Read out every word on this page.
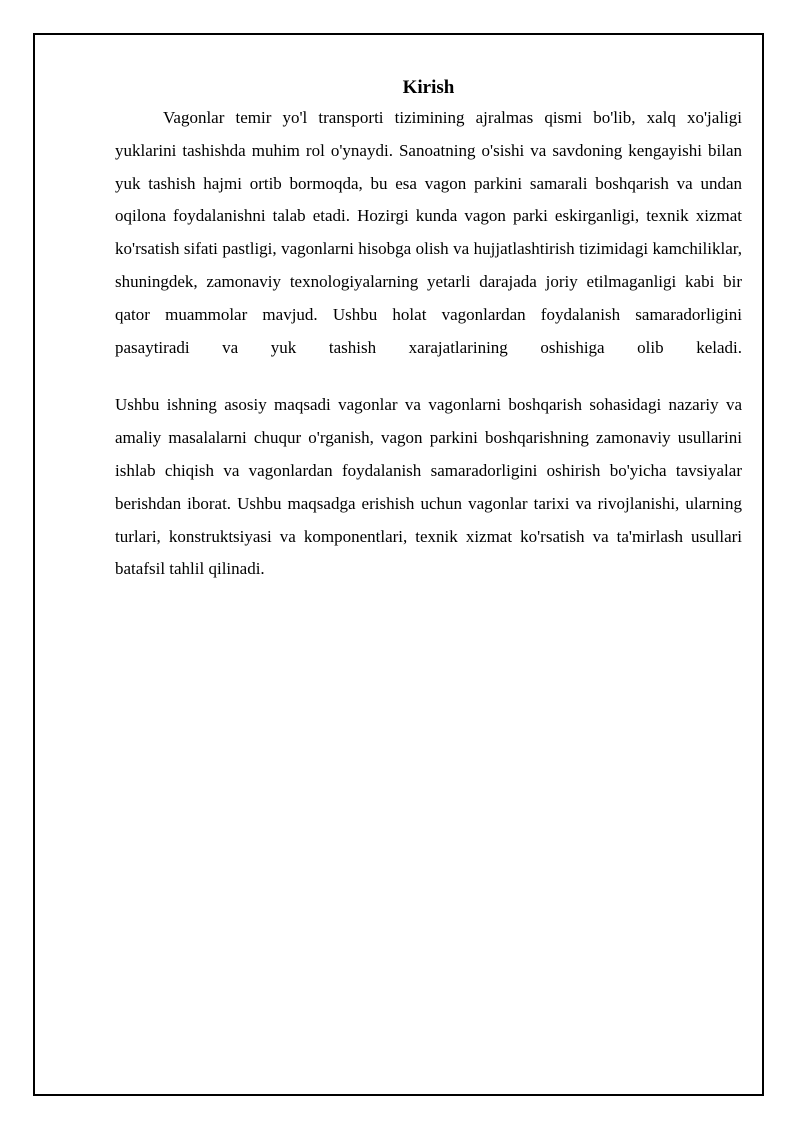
Kirish

Vagonlar temir yo'l transporti tizimining ajralmas qismi bo'lib, xalq xo'jaligi yuklarini tashishda muhim rol o'ynaydi. Sanoatning o'sishi va savdoning kengayishi bilan yuk tashish hajmi ortib bormoqda, bu esa vagon parkini samarali boshqarish va undan oqilona foydalanishni talab etadi. Hozirgi kunda vagon parki eskirganligi, texnik xizmat ko'rsatish sifati pastligi, vagonlarni hisobga olish va hujjatlashtirish tizimidagi kamchiliklar, shuningdek, zamonaviy texnologiyalarning yetarli darajada joriy etilmaganligi kabi bir qator muammolar mavjud. Ushbu holat vagonlardan foydalanish samaradorligini pasaytiradi va yuk tashish xarajatlarining oshishiga olib keladi.

Ushbu ishning asosiy maqsadi vagonlar va vagonlarni boshqarish sohasidagi nazariy va amaliy masalalarni chuqur o'rganish, vagon parkini boshqarishning zamonaviy usullarini ishlab chiqish va vagonlardan foydalanish samaradorligini oshirish bo'yicha tavsiyalar berishdan iborat. Ushbu maqsadga erishish uchun vagonlar tarixi va rivojlanishi, ularning turlari, konstruktsiyasi va komponentlari, texnik xizmat ko'rsatish va ta'mirlash usullari batafsil tahlil qilinadi.
